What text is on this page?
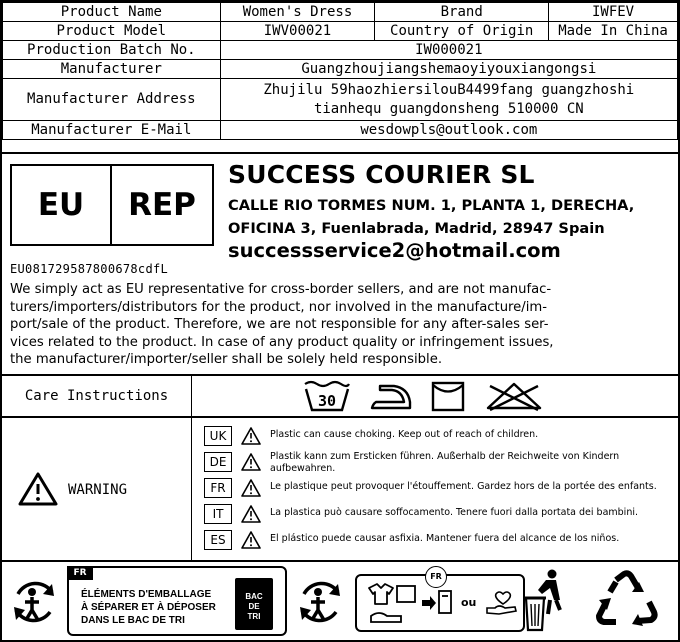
Product Name	Women's Dress	Brand	IWFEV
Product Model	IWV00021	Country of Origin	Made In China
Production Batch No.	IW000021		
Manufacturer	Guangzhoujiangshemaoyiyouxiangongsi		
Manufacturer Address	Zhujilu 59haozhiersilouB4499fang guangzhoshi
tianhequ guangdonsheng 510000 CN		

Manufacturer E-Mail	wesdowpls@outlook.com		
EU	REP
EU081729587800678cdfL
SUCCESS COURIER SL
CALLE RIO TORMES NUM. 1, PLANTA 1, DERECHA,
OFICINA 3, Fuenlabrada, Madrid, 28947 Spain
successservice2@hotmail.com
We simply act as EU representative for cross-border sellers, and are not manufac-
turers/importers/distributors for the product, nor involved in the manufacture/im-
port/sale of the product. Therefore, we are not responsible for any after-sales ser-
vices related to the product. In case of any product quality or infringement issues,
the manufacturer/importer/seller shall be solely held responsible.
Care Instructions	30
WARNING
UK	Plastic can cause choking. Keep out of reach of children.
DE	Plastik kann zum Ersticken führen. Außerhalb der Reichweite von Kindern aufbewahren.
FR	Le plastique peut provoquer l'étouffement. Gardez hors de la portée des enfants.
IT	La plastica può causare soffocamento. Tenere fuori dalla portata dei bambini.
ES	El plástico puede causar asfixia. Mantener fuera del alcance de los niños.
FR
ÉLÉMENTS D'EMBALLAGE
À SÉPARER ET À DÉPOSER
DANS LE BAC DE TRI
BAC
DE
TRI
ou
FR
